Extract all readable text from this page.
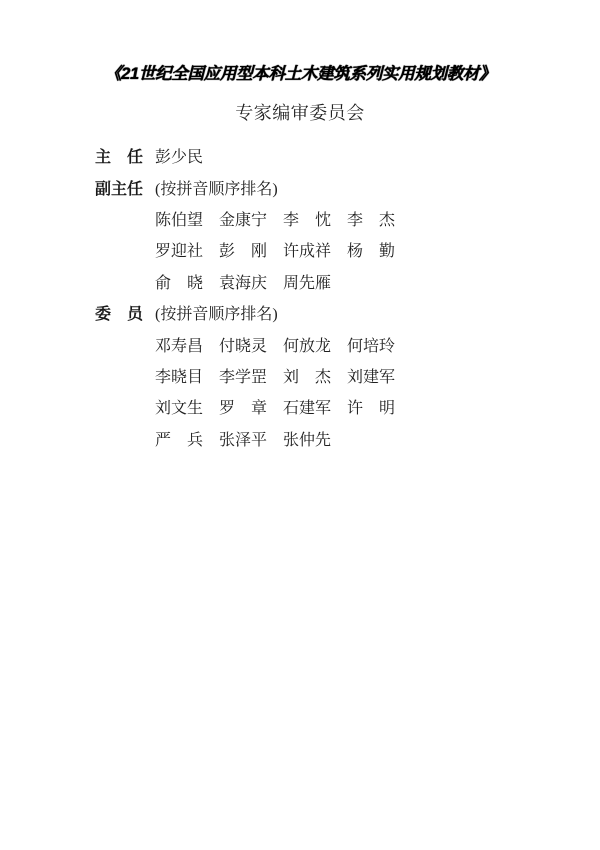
《21世纪全国应用型本科土木建筑系列实用规划教材》
专家编审委员会
主　任 彭少民
副主任 (按拼音顺序排名)
陈伯望 金康宁 李　忱 李　杰
罗迎社 彭　刚 许成祥 杨　勤
俞　晓 袁海庆 周先雁
委　员 (按拼音顺序排名)
邓寿昌 付晓灵 何放龙 何培玲
李晓目 李学罡 刘　杰 刘建军
刘文生 罗　章 石建军 许　明
严　兵 张泽平 张仲先
